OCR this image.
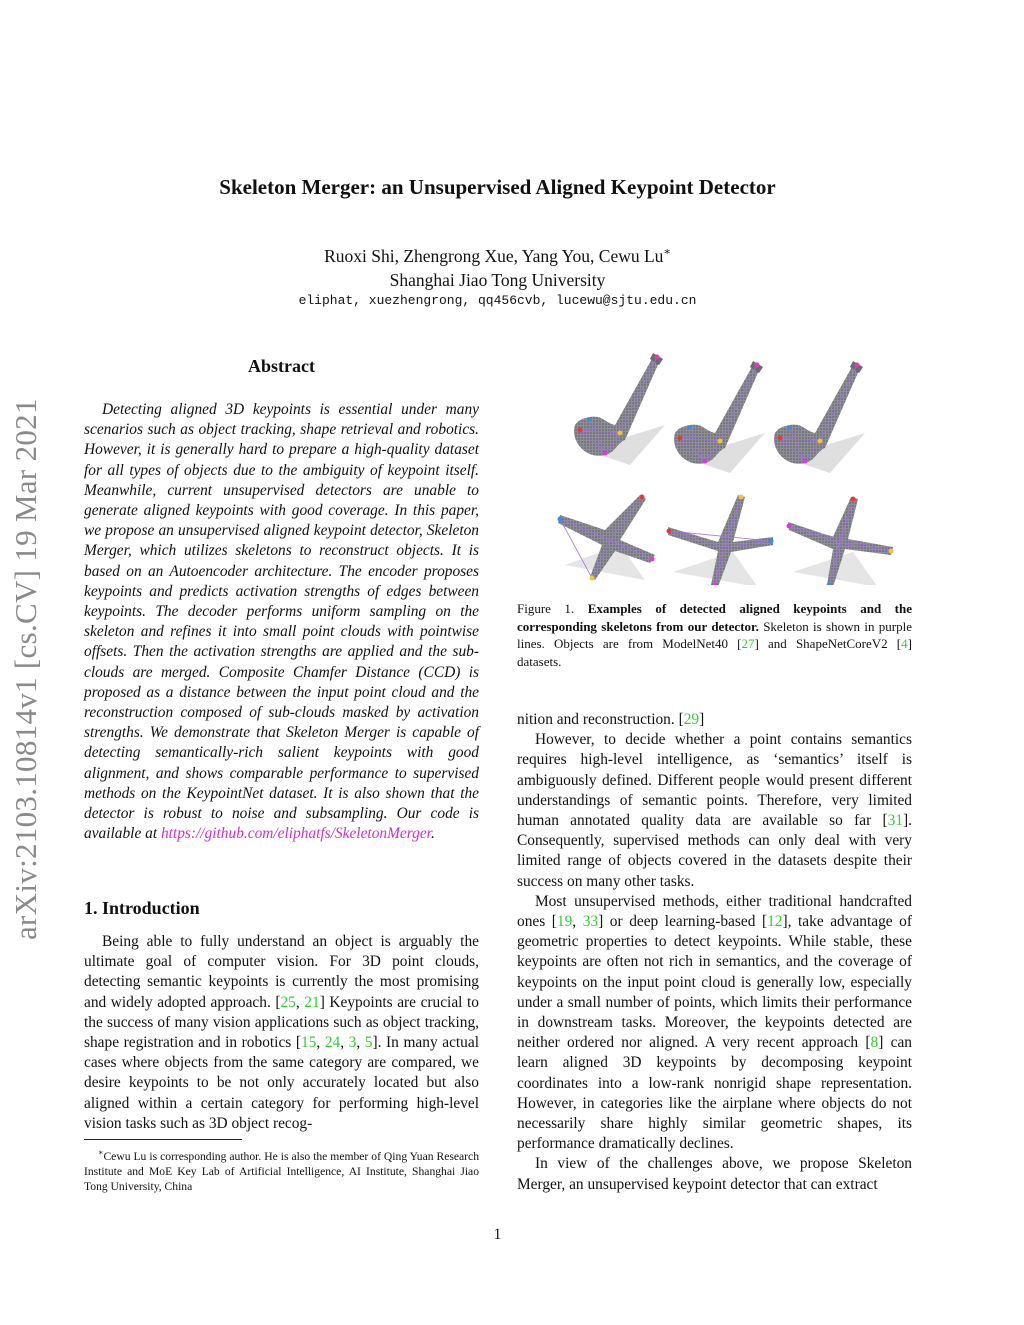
arXiv:2103.10814v1 [cs.CV] 19 Mar 2021
Skeleton Merger: an Unsupervised Aligned Keypoint Detector
Ruoxi Shi, Zhengrong Xue, Yang You, Cewu Lu∗
Shanghai Jiao Tong University
eliphat, xuezhengrong, qq456cvb, lucewu@sjtu.edu.cn
Abstract

Detecting aligned 3D keypoints is essential under many scenarios such as object tracking, shape retrieval and robotics. However, it is generally hard to prepare a high-quality dataset for all types of objects due to the ambiguity of keypoint itself. Meanwhile, current unsupervised detectors are unable to generate aligned keypoints with good coverage. In this paper, we propose an unsupervised aligned keypoint detector, Skeleton Merger, which utilizes skeletons to reconstruct objects. It is based on an Autoencoder architecture. The encoder proposes keypoints and predicts activation strengths of edges between keypoints. The decoder performs uniform sampling on the skeleton and refines it into small point clouds with pointwise offsets. Then the activation strengths are applied and the sub-clouds are merged. Composite Chamfer Distance (CCD) is proposed as a distance between the input point cloud and the reconstruction composed of sub-clouds masked by activation strengths. We demonstrate that Skeleton Merger is capable of detecting semantically-rich salient keypoints with good alignment, and shows comparable performance to supervised methods on the KeypointNet dataset. It is also shown that the detector is robust to noise and subsampling. Our code is available at https://github.com/eliphatfs/SkeletonMerger.

1. Introduction

Being able to fully understand an object is arguably the ultimate goal of computer vision. For 3D point clouds, detecting semantic keypoints is currently the most promising and widely adopted approach. [25, 21] Keypoints are crucial to the success of many vision applications such as object tracking, shape registration and in robotics [15, 24, 3, 5]. In many actual cases where objects from the same category are compared, we desire keypoints to be not only accurately located but also aligned within a certain category for performing high-level vision tasks such as 3D object recog-

∗Cewu Lu is corresponding author. He is also the member of Qing Yuan Research Institute and MoE Key Lab of Artificial Intelligence, AI Institute, Shanghai Jiao Tong University, China
Figure 1. Examples of detected aligned keypoints and the corresponding skeletons from our detector. Skeleton is shown in purple lines. Objects are from ModelNet40 [27] and ShapeNetCoreV2 [4] datasets.

nition and reconstruction. [29]

However, to decide whether a point contains semantics requires high-level intelligence, as ‘semantics’ itself is ambiguously defined. Different people would present different understandings of semantic points. Therefore, very limited human annotated quality data are available so far [31]. Consequently, supervised methods can only deal with very limited range of objects covered in the datasets despite their success on many other tasks.

Most unsupervised methods, either traditional handcrafted ones [19, 33] or deep learning-based [12], take advantage of geometric properties to detect keypoints. While stable, these keypoints are often not rich in semantics, and the coverage of keypoints on the input point cloud is generally low, especially under a small number of points, which limits their performance in downstream tasks. Moreover, the keypoints detected are neither ordered nor aligned. A very recent approach [8] can learn aligned 3D keypoints by decomposing keypoint coordinates into a low-rank nonrigid shape representation. However, in categories like the airplane where objects do not necessarily share highly similar geometric shapes, its performance dramatically declines.

In view of the challenges above, we propose Skeleton Merger, an unsupervised keypoint detector that can extract

1
